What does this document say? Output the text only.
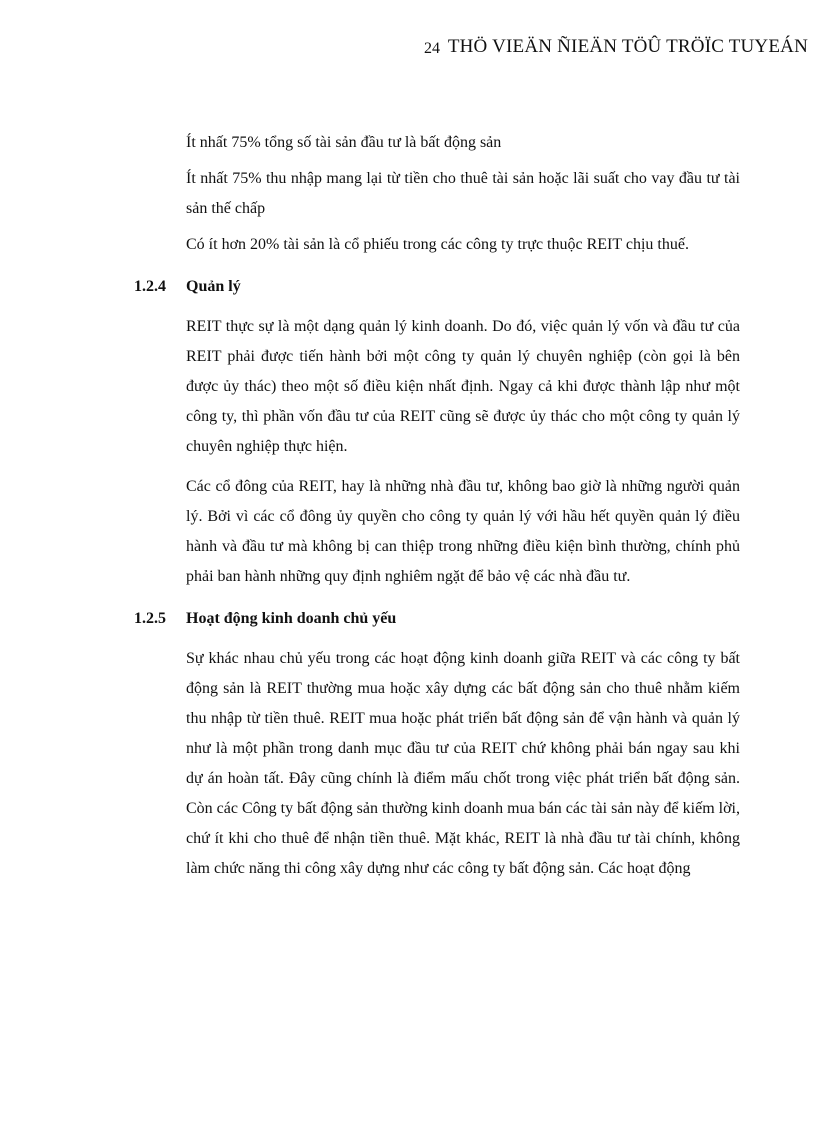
24 THÖ VIEÄN ÑIEÄN TÖÛ TRÖÏC TUYEÁN

Ít nhất 75% tổng số tài sản đầu tư là bất động sản

Ít nhất 75% thu nhập mang lại từ tiền cho thuê tài sản hoặc lãi suất cho vay đầu tư tài sản thế chấp

Có ít hơn 20% tài sản là cổ phiếu trong các công ty trực thuộc REIT chịu thuế.

1.2.4	Quản lý

REIT thực sự là một dạng quản lý kinh doanh. Do đó, việc quản lý vốn và đầu tư của REIT phải được tiến hành bởi một công ty quản lý chuyên nghiệp (còn gọi là bên được ủy thác) theo một số điều kiện nhất định. Ngay cả khi được thành lập như một công ty, thì phần vốn đầu tư của REIT cũng sẽ được ủy thác cho một công ty quản lý chuyên nghiệp thực hiện.

Các cổ đông của REIT, hay là những nhà đầu tư, không bao giờ là những người quản lý. Bởi vì các cổ đông ủy quyền cho công ty quản lý với hầu hết quyền quản lý điều hành và đầu tư mà không bị can thiệp trong những điều kiện bình thường, chính phủ phải ban hành những quy định nghiêm ngặt để bảo vệ các nhà đầu tư.

1.2.5	Hoạt động kinh doanh chủ yếu

Sự khác nhau chủ yếu trong các hoạt động kinh doanh giữa REIT và các công ty bất động sản là REIT thường mua hoặc xây dựng các bất động sản cho thuê nhằm kiếm thu nhập từ tiền thuê. REIT mua hoặc phát triển bất động sản để vận hành và quản lý như là một phần trong danh mục đầu tư của REIT chứ không phải bán ngay sau khi dự án hoàn tất. Đây cũng chính là điểm mấu chốt trong việc phát triển bất động sản. Còn các Công ty bất động sản thường kinh doanh mua bán các tài sản này để kiếm lời, chứ ít khi cho thuê để nhận tiền thuê. Mặt khác, REIT là nhà đầu tư tài chính, không làm chức năng thi công xây dựng như các công ty bất động sản. Các hoạt động
